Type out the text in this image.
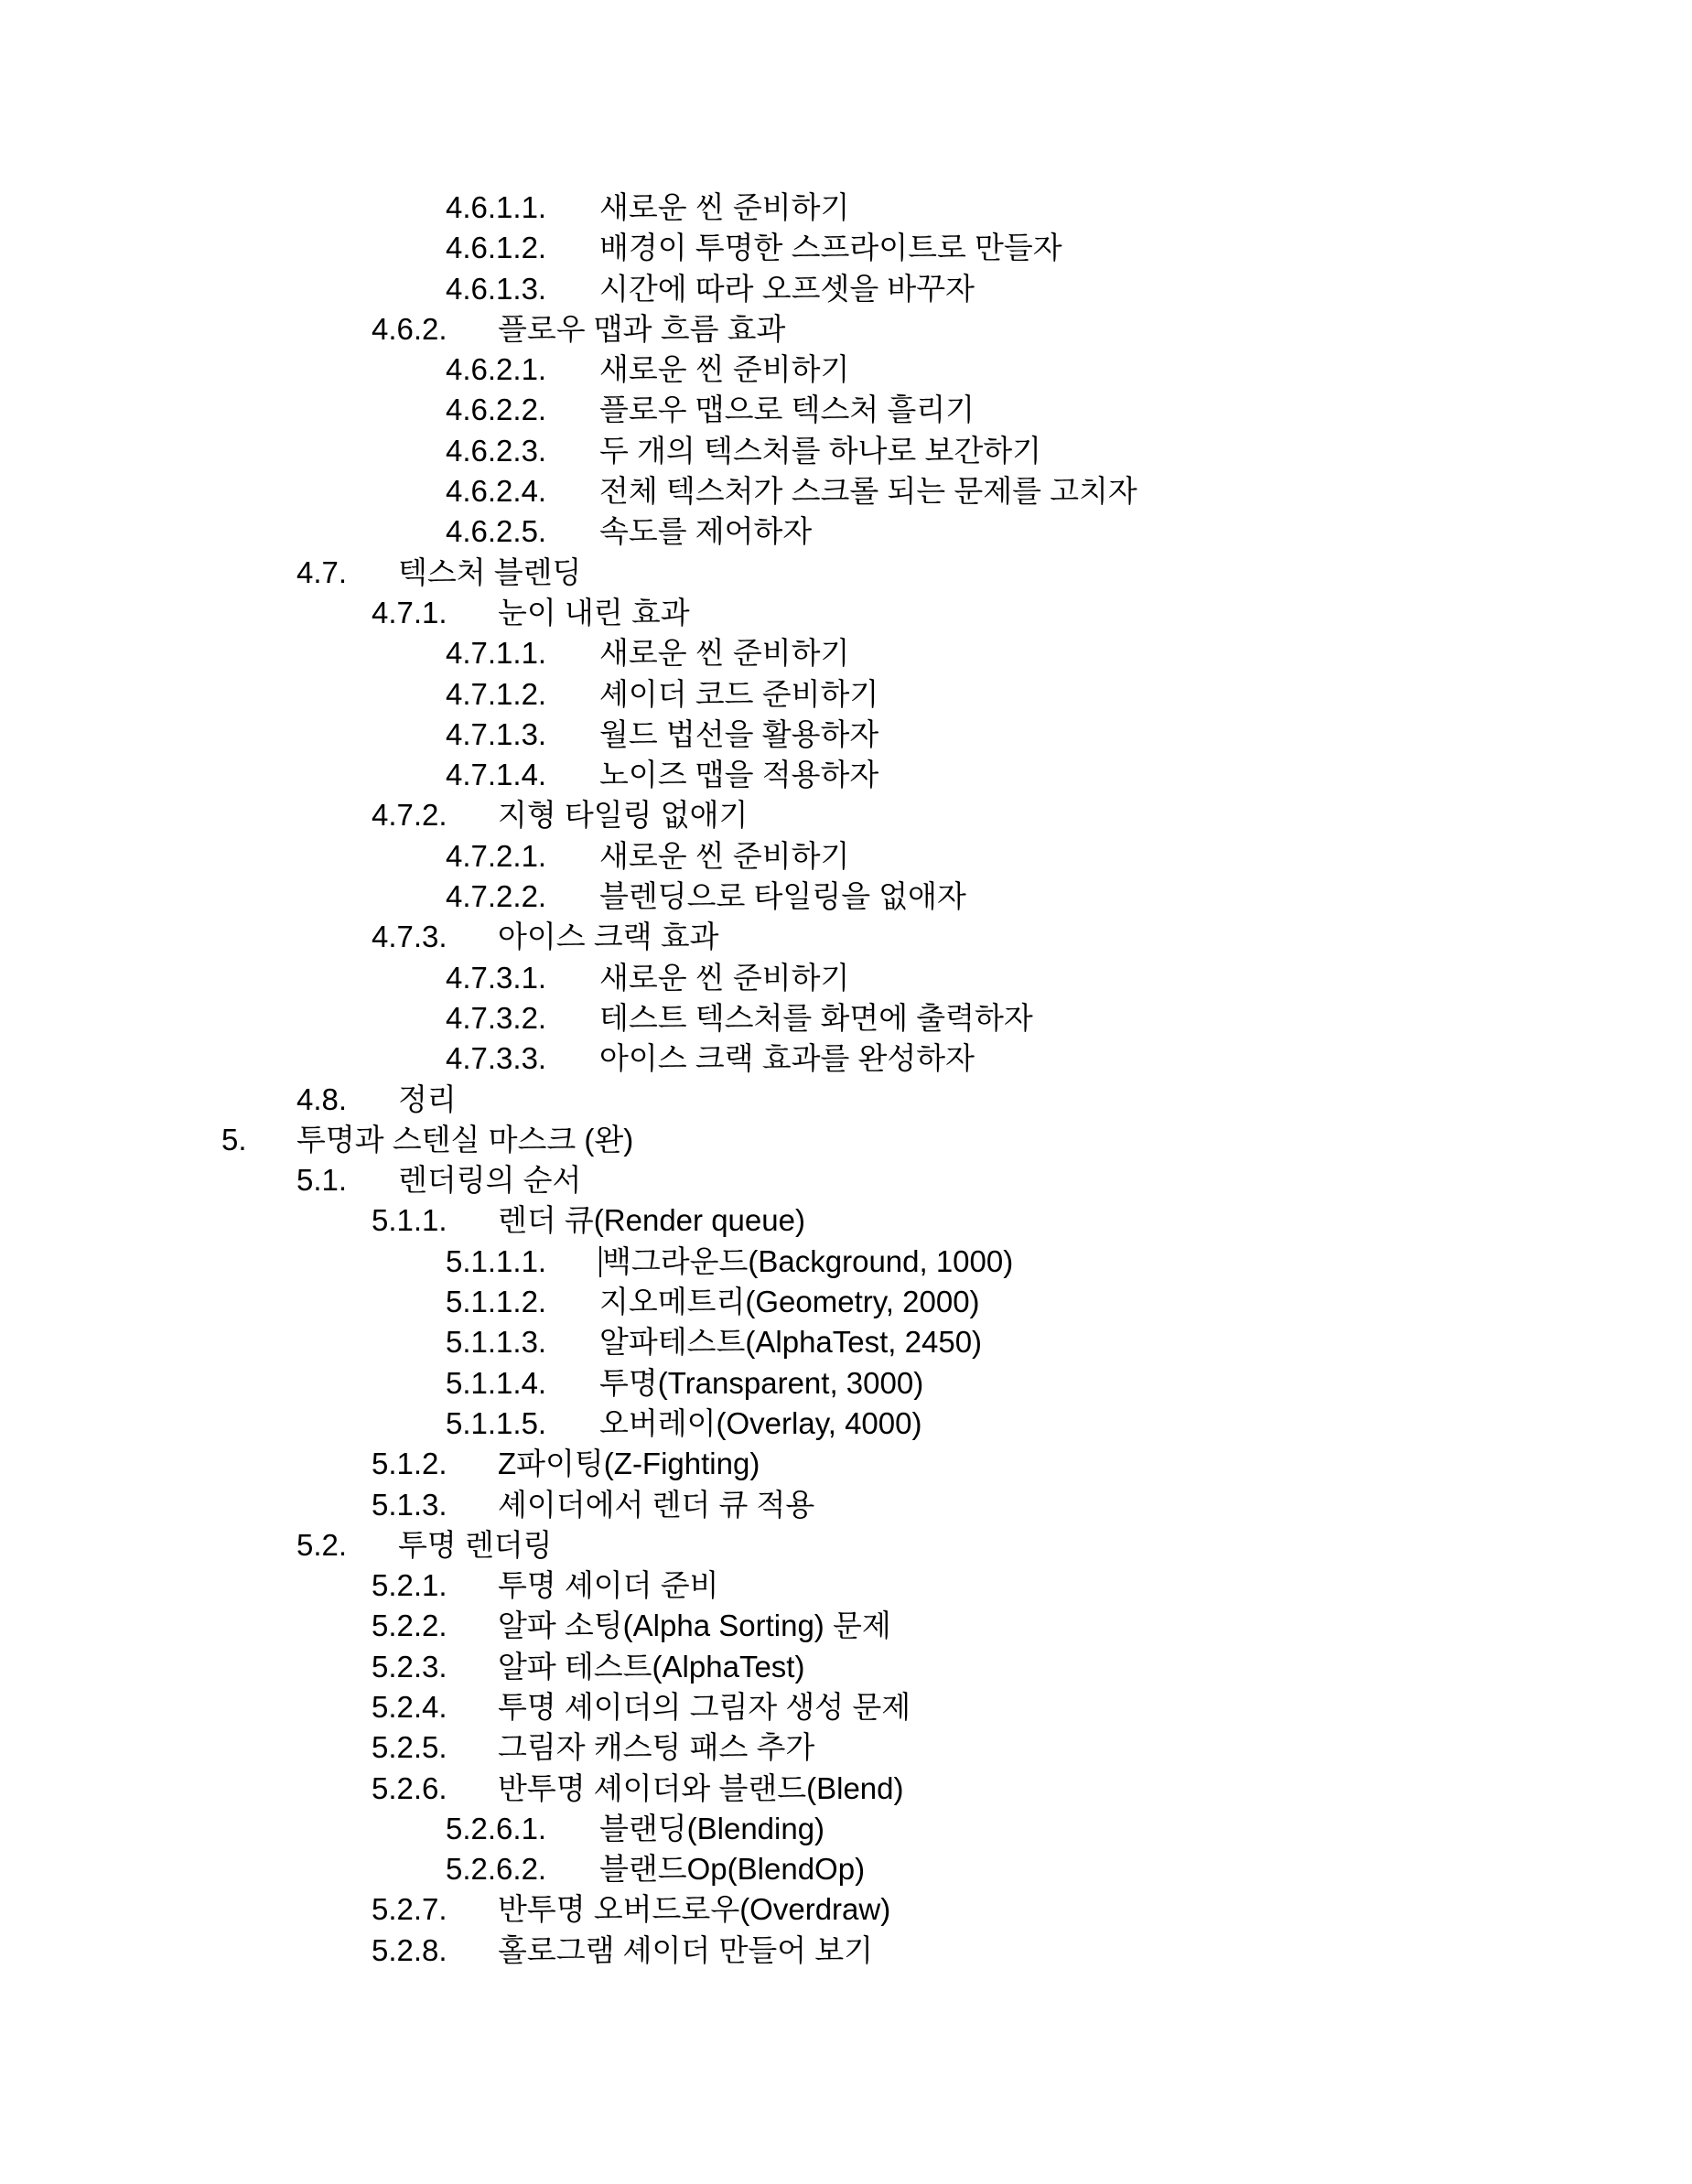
4.6.1.1. 새로운 씬 준비하기
4.6.1.2. 배경이 투명한 스프라이트로 만들자
4.6.1.3. 시간에 따라 오프셋을 바꾸자
4.6.2. 플로우 맵과 흐름 효과
4.6.2.1. 새로운 씬 준비하기
4.6.2.2. 플로우 맵으로 텍스처 흘리기
4.6.2.3. 두 개의 텍스처를 하나로 보간하기
4.6.2.4. 전체 텍스처가 스크롤 되는 문제를 고치자
4.6.2.5. 속도를 제어하자
4.7. 텍스처 블렌딩
4.7.1. 눈이 내린 효과
4.7.1.1. 새로운 씬 준비하기
4.7.1.2. 셰이더 코드 준비하기
4.7.1.3. 월드 법선을 활용하자
4.7.1.4. 노이즈 맵을 적용하자
4.7.2. 지형 타일링 없애기
4.7.2.1. 새로운 씬 준비하기
4.7.2.2. 블렌딩으로 타일링을 없애자
4.7.3. 아이스 크랙 효과
4.7.3.1. 새로운 씬 준비하기
4.7.3.2. 테스트 텍스처를 화면에 출력하자
4.7.3.3. 아이스 크랙 효과를 완성하자
4.8. 정리
5. 투명과 스텐실 마스크 (완)
5.1. 렌더링의 순서
5.1.1. 렌더 큐(Render queue)
5.1.1.1. 백그라운드(Background, 1000)
5.1.1.2. 지오메트리(Geometry, 2000)
5.1.1.3. 알파테스트(AlphaTest, 2450)
5.1.1.4. 투명(Transparent, 3000)
5.1.1.5. 오버레이(Overlay, 4000)
5.1.2. Z파이팅(Z-Fighting)
5.1.3. 셰이더에서 렌더 큐 적용
5.2. 투명 렌더링
5.2.1. 투명 셰이더 준비
5.2.2. 알파 소팅(Alpha Sorting) 문제
5.2.3. 알파 테스트(AlphaTest)
5.2.4. 투명 셰이더의 그림자 생성 문제
5.2.5. 그림자 캐스팅 패스 추가
5.2.6. 반투명 셰이더와 블랜드(Blend)
5.2.6.1. 블랜딩(Blending)
5.2.6.2. 블랜드Op(BlendOp)
5.2.7. 반투명 오버드로우(Overdraw)
5.2.8. 홀로그램 셰이더 만들어 보기
